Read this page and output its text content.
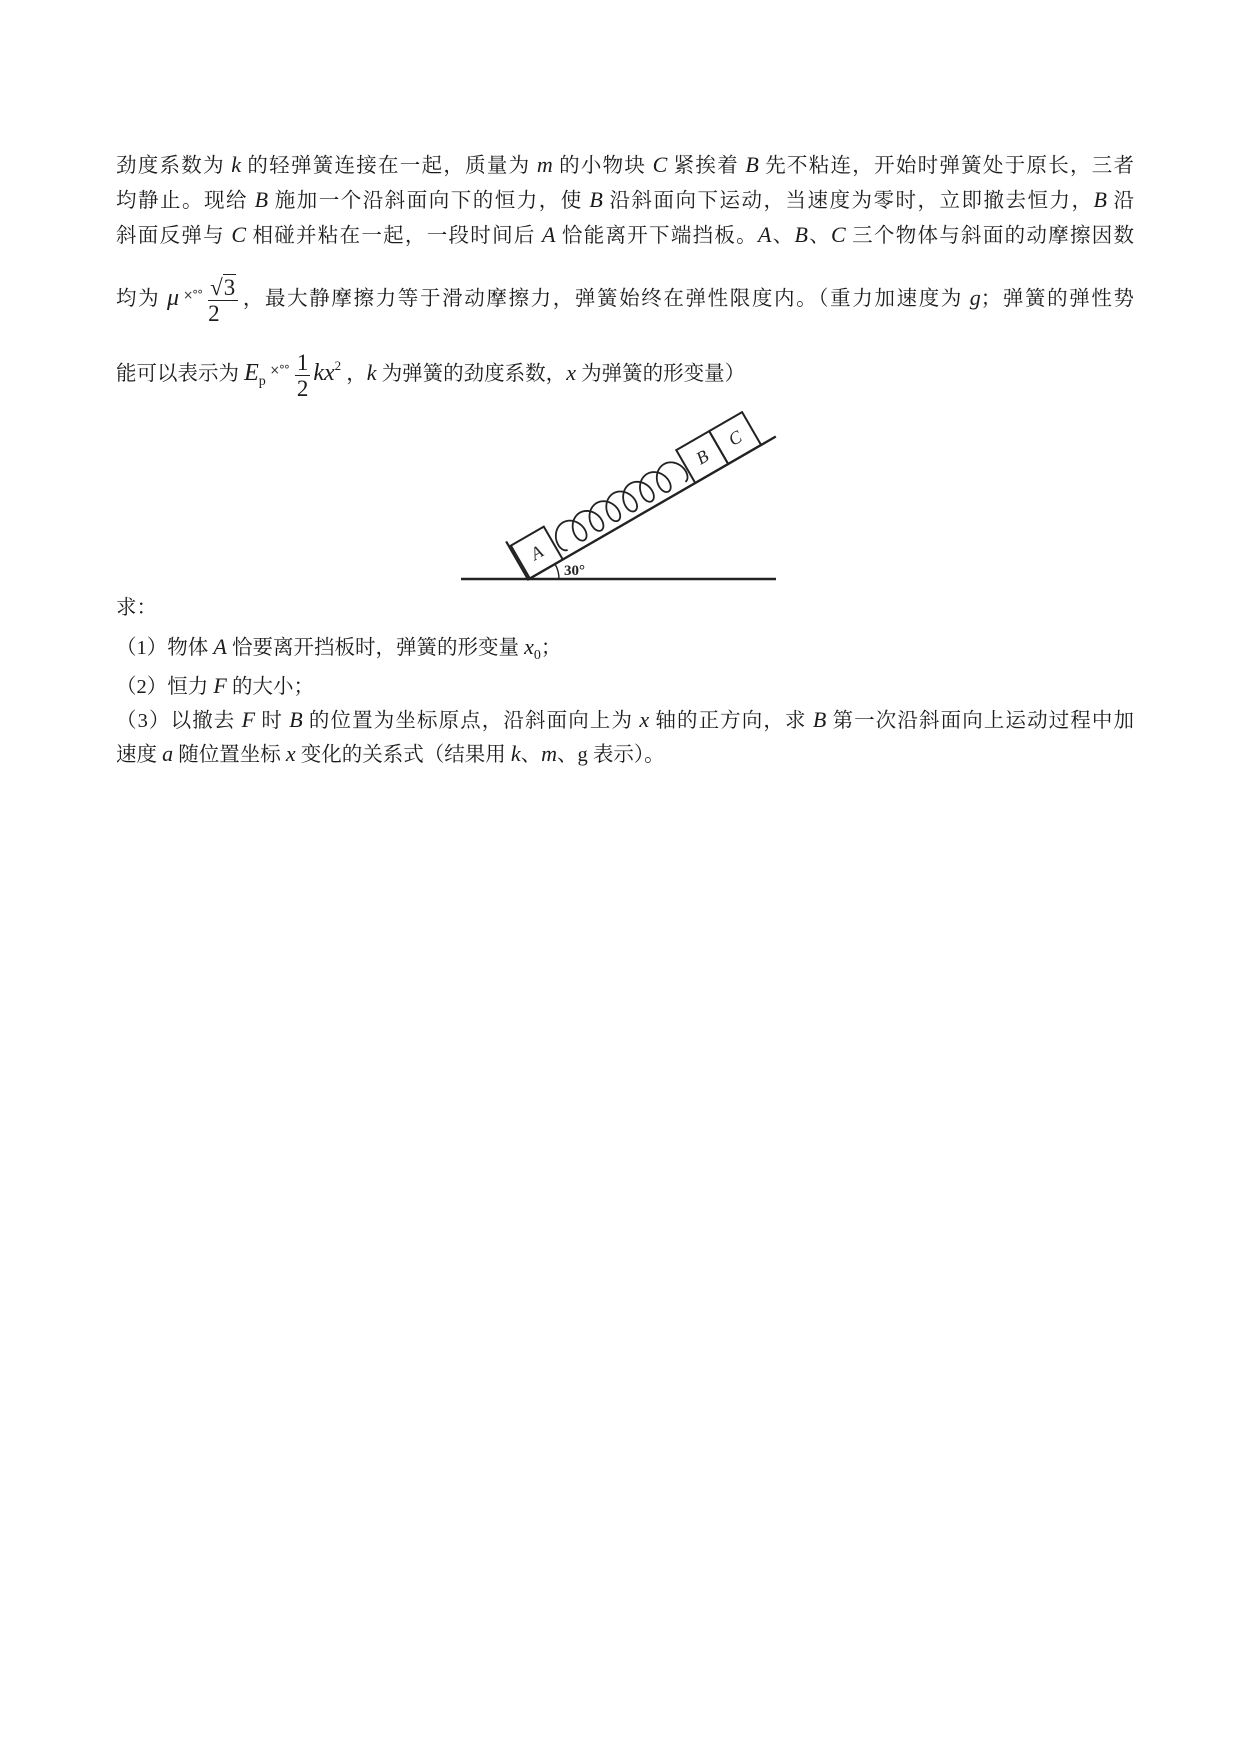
劲度系数为 k 的轻弹簧连接在一起，质量为 m 的小物块 C 紧挨着 B 先不粘连，开始时弹簧处于原长，三者
均静止。现给 B 施加一个沿斜面向下的恒力，使 B 沿斜面向下运动，当速度为零时，立即撤去恒力，B 沿
斜面反弹与 C 相碰并粘在一起，一段时间后 A 恰能离开下端挡板。A、B、C 三个物体与斜面的动摩擦因数
均为 μ $^{\times^\circ^\circ} \frac{√3}{2}$ ，最大静摩擦力等于滑动摩擦力，弹簧始终在弹性限度内。（重力加速度为 g；弹簧的弹性势
能可以表示为 $E_p^{\times^\circ^\circ} \frac{1}{2} kx^2$ ，k 为弹簧的劲度系数，x 为弹簧的形变量）
30°
A
B
C
求：
（1）物体 A 恰要离开挡板时，弹簧的形变量 $x_0$；
（2）恒力 F 的大小；
（3）以撤去 F 时 B 的位置为坐标原点，沿斜面向上为 x 轴的正方向，求 B 第一次沿斜面向上运动过程中加
速度 a 随位置坐标 x 变化的关系式（结果用 k、m、g 表示）。
